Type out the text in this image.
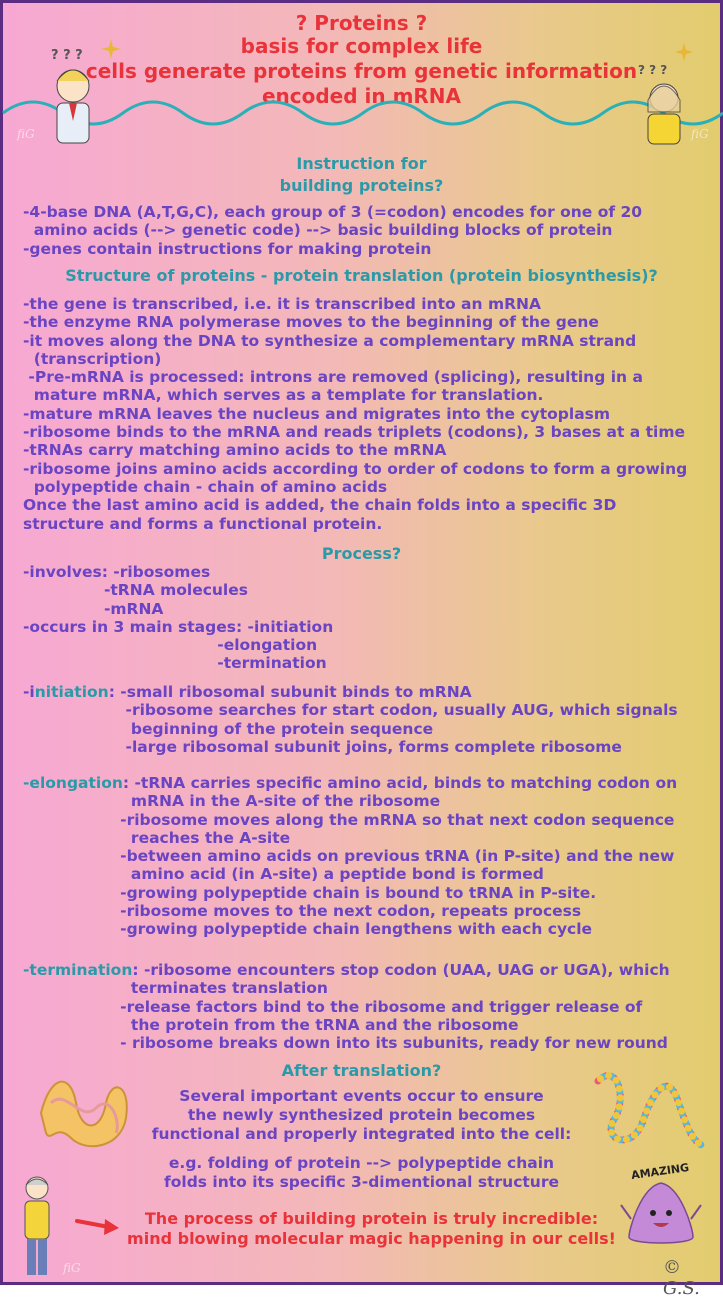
? Proteins ?
basis for complex life
cells generate proteins from genetic information
encoded in mRNA
? ? ?
? ? ?
fiG	fiG
Instruction for
building proteins?
-4-base DNA (A,T,G,C), each group of 3 (=codon) encodes for one of 20
amino acids (--> genetic code) --> basic building blocks of protein
-genes contain instructions for making protein
Structure of proteins - protein translation (protein biosynthesis)?
-the gene is transcribed, i.e. it is transcribed into an mRNA
-the enzyme RNA polymerase moves to the beginning of the gene
-it moves along the DNA to synthesize a complementary mRNA strand
(transcription)
-Pre-mRNA is processed: introns are removed (splicing), resulting in a
mature mRNA, which serves as a template for translation.
-mature mRNA leaves the nucleus and migrates into the cytoplasm
-ribosome binds to the mRNA and reads triplets (codons), 3 bases at a time
-tRNAs carry matching amino acids to the mRNA
-ribosome joins amino acids according to order of codons to form a growing
polypeptide chain - chain of amino acids
Once the last amino acid is added, the chain folds into a specific 3D
structure and forms a functional protein.
Process?
-involves: -ribosomes
-tRNA molecules
-mRNA
-occurs in 3 main stages: -initiation
-elongation
-termination
-initiation: -small ribosomal subunit binds to mRNA
-ribosome searches for start codon, usually AUG, which signals
beginning of the protein sequence
-large ribosomal subunit joins, forms complete ribosome
-elongation: -tRNA carries specific amino acid, binds to matching codon on
mRNA in the A-site of the ribosome
-ribosome moves along the mRNA so that next codon sequence
reaches the A-site
-between amino acids on previous tRNA (in P-site) and the new
amino acid (in A-site) a peptide bond is formed
-growing polypeptide chain is bound to tRNA in P-site.
-ribosome moves to the next codon, repeats process
-growing polypeptide chain lengthens with each cycle
-termination: -ribosome encounters stop codon (UAA, UAG or UGA), which
terminates translation
-release factors bind to the ribosome and trigger release of
the protein from the tRNA and the ribosome
- ribosome breaks down into its subunits, ready for new round
After translation?
Several important events occur to ensure
the newly synthesized protein becomes
functional and properly integrated into the cell:
e.g. folding of protein --> polypeptide chain
folds into its specific 3-dimentional structure
AMAZING
The process of building protein is truly incredible:
mind blowing molecular magic happening in our cells!
fiG	© G.S.
